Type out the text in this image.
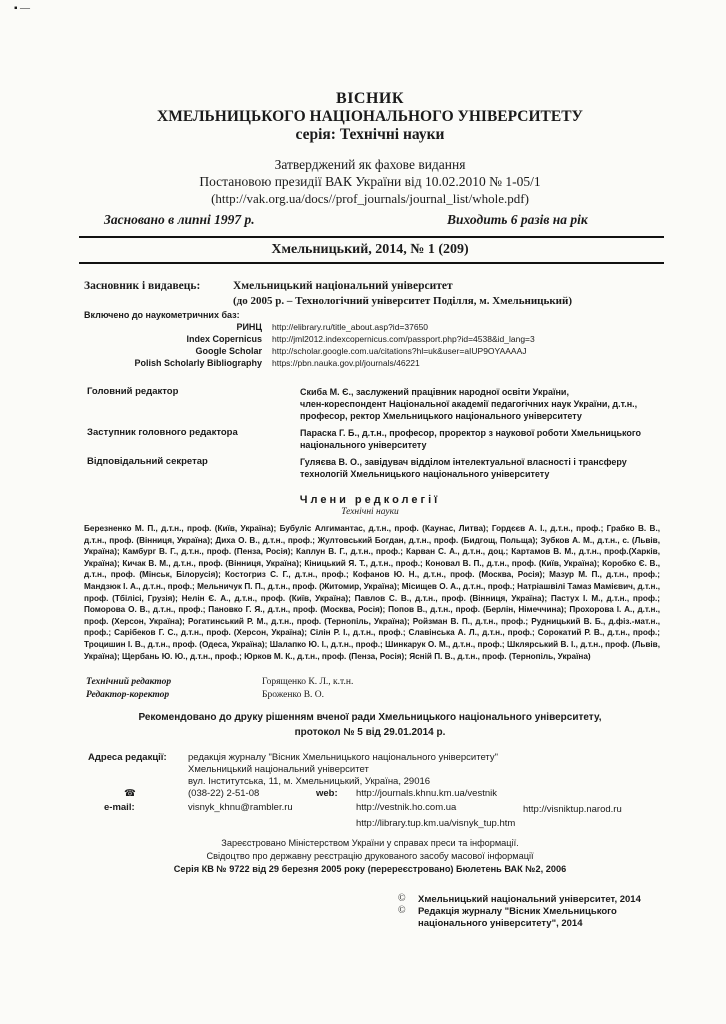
▪ —
ВІСНИК
ХМЕЛЬНИЦЬКОГО НАЦІОНАЛЬНОГО УНІВЕРСИТЕТУ
серія: Технічні науки
Затверджений як фахове видання
Постановою президії ВАК України від 10.02.2010 № 1-05/1
(http://vak.org.ua/docs//prof_journals/journal_list/whole.pdf)
Засновано в липні 1997 р.	Виходить 6 разів на рік
Хмельницький, 2014, № 1 (209)
Засновник і видавець:	Хмельницький національний університет
(до 2005 р. – Технологічний університет Поділля, м. Хмельницький)
Включено до наукометричних баз:
РИНЦ http://elibrary.ru/title_about.asp?id=37650
Index Copernicus http://jml2012.indexcopernicus.com/passport.php?id=4538&id_lang=3
Google Scholar http://scholar.google.com.ua/citations?hl=uk&user=aIUP9OYAAAAJ
Polish Scholarly Bibliography https://pbn.nauka.gov.pl/journals/46221
Головний редактор	Скиба М. Є., заслужений працівник народної освіти України,
член-кореспондент Національної академії педагогічних наук України, д.т.н.,
професор, ректор Хмельницького національного університету
Заступник головного редактора	Параска Г. Б., д.т.н., професор, проректор з наукової роботи Хмельницького
національного університету
Відповідальний секретар	Гуляєва В. О., завідувач відділом інтелектуальної власності і трансферу
технологій Хмельницького національного університету
Члени редколегії
Технічні науки
Березненко М. П., д.т.н., проф. (Київ, Україна); Бубуліс Алгимантас, д.т.н., проф. (Каунас, Литва); Гордєєв А. І., д.т.н., проф.; Грабко В. В., д.т.н., проф. (Вінниця, Україна); Диха О. В., д.т.н., проф.; Жултовський Богдан, д.т.н., проф. (Бидгощ, Польща); Зубков А. М., д.т.н., с. (Львів, Україна); Камбург В. Г., д.т.н., проф. (Пенза, Росія); Каплун В. Г., д.т.н., проф.; Карван С. А., д.т.н., доц.; Картамов В. М., д.т.н., проф.(Харків, Україна); Кичак В. М., д.т.н., проф. (Вінниця, Україна); Кіницький Я. Т., д.т.н., проф.; Коновал В. П., д.т.н., проф. (Київ, Україна); Коробко Є. В., д.т.н., проф. (Мінськ, Білорусія); Костогриз С. Г., д.т.н., проф.; Кофанов Ю. Н., д.т.н., проф. (Москва, Росія); Мазур М. П., д.т.н., проф.; Мандзюк І. А., д.т.н., проф.; Мельничук П. П., д.т.н., проф. (Житомир, Україна); Місищев О. А., д.т.н., проф.; Натріашвілі Тамаз Мамієвич, д.т.н., проф. (Тбілісі, Грузія); Нелін Є. А., д.т.н., проф. (Київ, Україна); Павлов С. В., д.т.н., проф. (Вінниця, Україна); Пастух І. М., д.т.н., проф.; Поморова О. В., д.т.н., проф.; Пановко Г. Я., д.т.н., проф. (Москва, Росія); Попов В., д.т.н., проф. (Берлін, Німеччина); Прохорова І. А., д.т.н., проф. (Херсон, Україна); Рогатинський Р. М., д.т.н., проф. (Тернопіль, Україна); Ройзман В. П., д.т.н., проф.; Рудницький В. Б., д.фіз.-мат.н., проф.; Сарібеков Г. С., д.т.н., проф. (Херсон, Україна); Сілін Р. І., д.т.н., проф.; Славінська А. Л., д.т.н., проф.; Сорокатий Р. В., д.т.н., проф.; Троцишин І. В., д.т.н., проф. (Одеса, Україна); Шалапко Ю. І., д.т.н., проф.; Шинкарук О. М., д.т.н., проф.; Шкляpський В. І., д.т.н., проф. (Львів, Україна); Щербань Ю. Ю., д.т.н., проф.; Юрков М. К., д.т.н., проф. (Пенза, Росія); Ясній П. В., д.т.н., проф. (Тернопіль, Україна)
Технічний редактор	Горященко К. Л., к.т.н.
Редактор-коректор	Броженко В. О.
Рекомендовано до друку рішенням вченої ради Хмельницького національного університету,
протокол № 5 від 29.01.2014 р.
Адреса редакції: редакція журналу "Вісник Хмельницького національного університету"
Хмельницький національний університет
вул. Інститутська, 11, м. Хмельницький, Україна, 29016
☎	(038-22) 2-51-08	web: http://journals.khnu.km.ua/vestnik
e-mail:	visnyk_khnu@rambler.ru	http://vestnik.ho.com.ua	http://visniktup.narod.ru
http://library.tup.km.ua/visnyk_tup.htm
Зареєстровано Міністерством України у справах преси та інформації.
Свідоцтво про державну реєстрацію друкованого засобу масової інформації
Серія КВ № 9722 від 29 березня 2005 року (перереєстровано) Бюлетень ВАК №2, 2006
© Хмельницький національний університет, 2014
© Редакція журналу "Вісник Хмельницького
національного університету", 2014
